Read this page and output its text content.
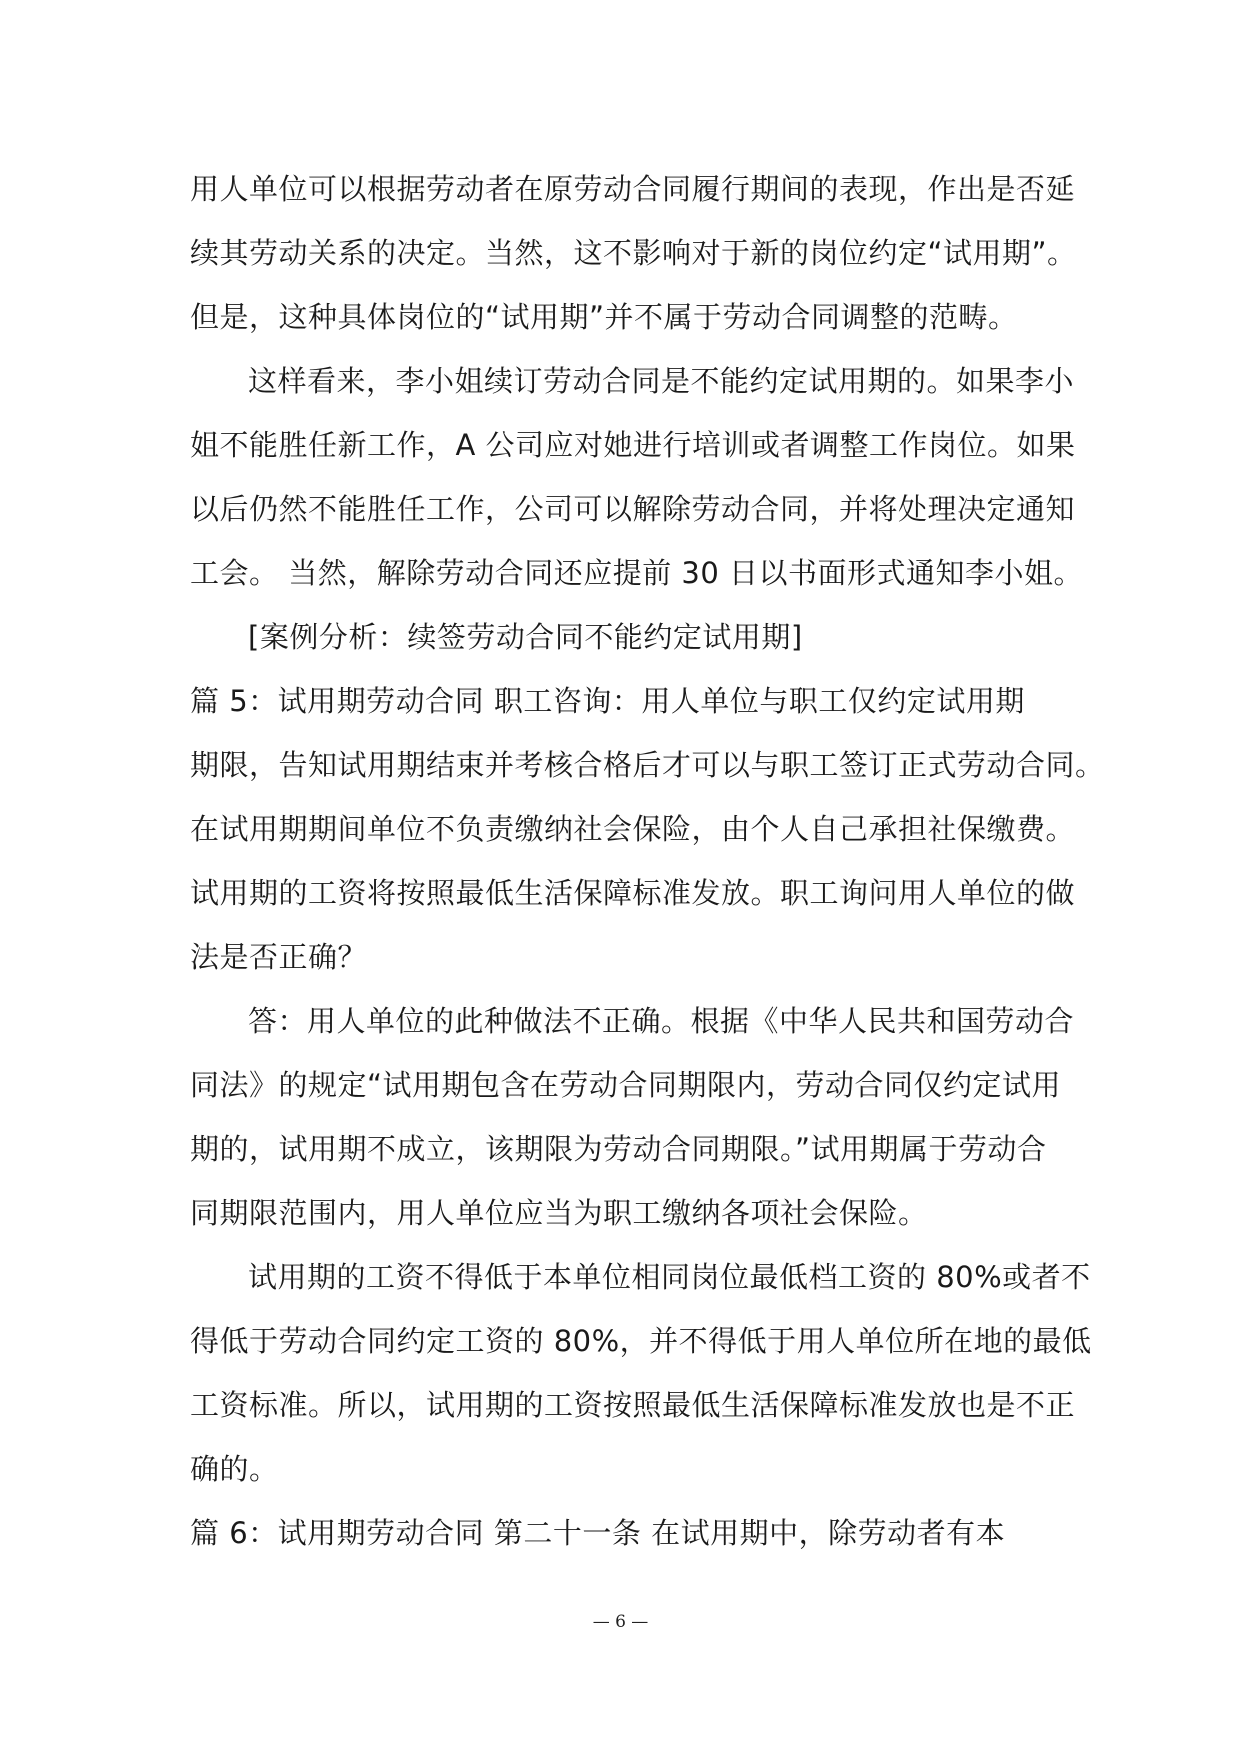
用人单位可以根据劳动者在原劳动合同履行期间的表现，作出是否延
续其劳动关系的决定。当然，这不影响对于新的岗位约定“试用期”。
但是，这种具体岗位的“试用期”并不属于劳动合同调整的范畴。
这样看来，李小姐续订劳动合同是不能约定试用期的。如果李小
姐不能胜任新工作，A 公司应对她进行培训或者调整工作岗位。如果
以后仍然不能胜任工作，公司可以解除劳动合同，并将处理决定通知
工会。 当然，解除劳动合同还应提前 30 日以书面形式通知李小姐。
[案例分析：续签劳动合同不能约定试用期]
篇 5：试用期劳动合同 职工咨询：用人单位与职工仅约定试用期
期限，告知试用期结束并考核合格后才可以与职工签订正式劳动合同。
在试用期期间单位不负责缴纳社会保险，由个人自己承担社保缴费。
试用期的工资将按照最低生活保障标准发放。职工询问用人单位的做
法是否正确？
答：用人单位的此种做法不正确。根据《中华人民共和国劳动合
同法》的规定“试用期包含在劳动合同期限内，劳动合同仅约定试用
期的，试用期不成立，该期限为劳动合同期限。”试用期属于劳动合
同期限范围内，用人单位应当为职工缴纳各项社会保险。
试用期的工资不得低于本单位相同岗位最低档工资的 80%或者不
得低于劳动合同约定工资的 80%，并不得低于用人单位所在地的最低
工资标准。所以，试用期的工资按照最低生活保障标准发放也是不正
确的。
篇 6：试用期劳动合同 第二十一条 在试用期中，除劳动者有本
— 6 —
